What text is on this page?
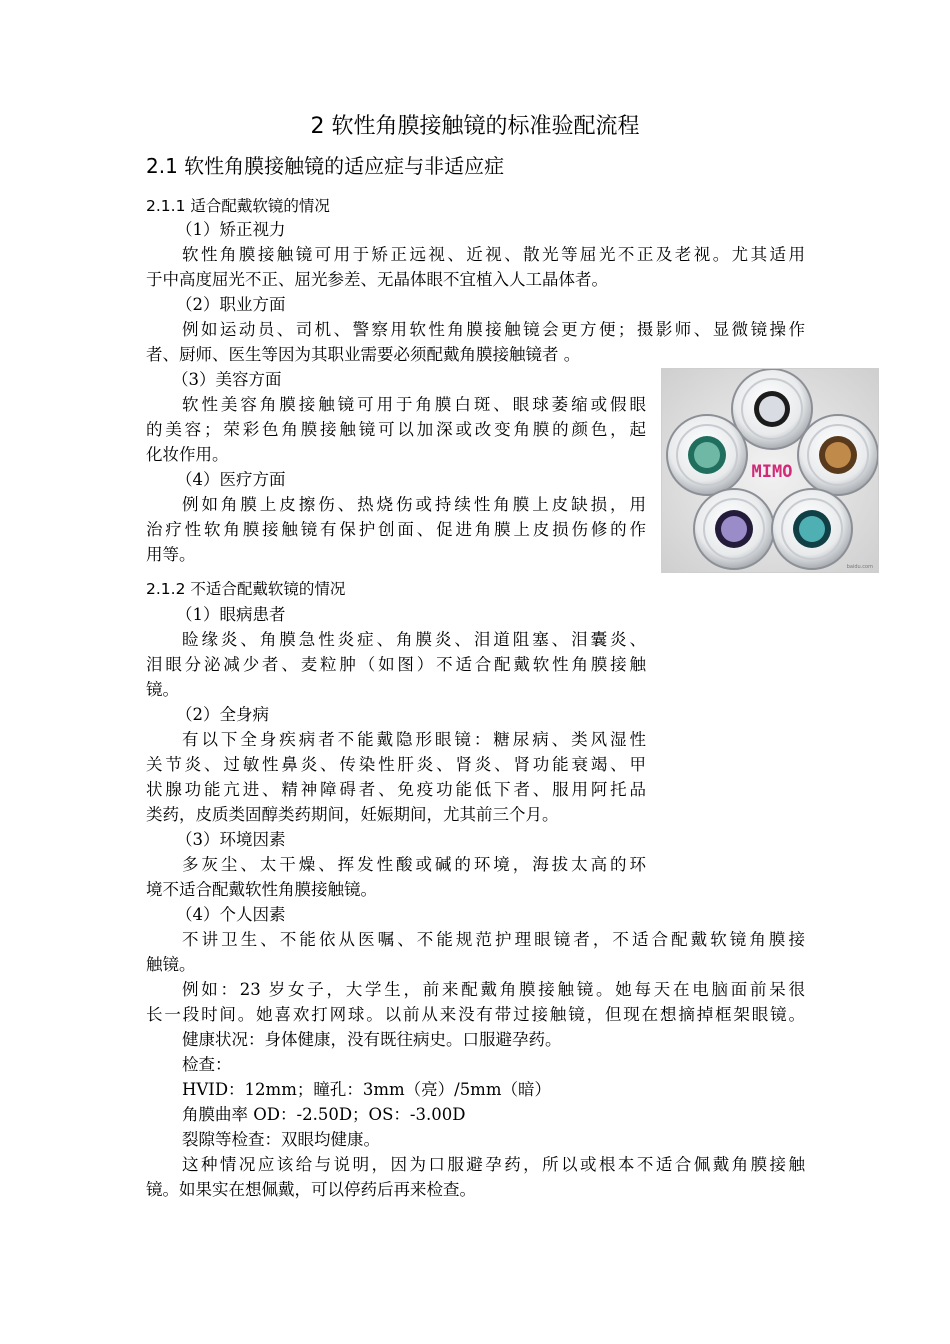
2 软性角膜接触镜的标准验配流程
2.1 软性角膜接触镜的适应症与非适应症
2.1.1 适合配戴软镜的情况
（1）矫正视力
软性角膜接触镜可用于矫正远视、近视、散光等屈光不正及老视。尤其适用
于中高度屈光不正、屈光参差、无晶体眼不宜植入人工晶体者。
（2）职业方面
例如运动员、司机、警察用软性角膜接触镜会更方便；摄影师、显微镜操作
者、厨师、医生等因为其职业需要必须配戴角膜接触镜者 。
（3）美容方面
软性美容角膜接触镜可用于角膜白斑、眼球萎缩或假眼
的美容；荣彩色角膜接触镜可以加深或改变角膜的颜色，起
化妆作用。
（4）医疗方面
例如角膜上皮擦伤、热烧伤或持续性角膜上皮缺损，用
治疗性软角膜接触镜有保护创面、促进角膜上皮损伤修的作
用等。
MIMO
baidu.com
2.1.2 不适合配戴软镜的情况
（1）眼病患者
睑缘炎、角膜急性炎症、角膜炎、泪道阻塞、泪囊炎、
泪眼分泌减少者、麦粒肿（如图）不适合配戴软性角膜接触
镜。
（2）全身病
有以下全身疾病者不能戴隐形眼镜：糖尿病、类风湿性
关节炎、过敏性鼻炎、传染性肝炎、肾炎、肾功能衰竭、甲
状腺功能亢进、精神障碍者、免疫功能低下者、服用阿托品
类药，皮质类固醇类药期间，妊娠期间，尤其前三个月。
（3）环境因素
多灰尘、太干燥、挥发性酸或碱的环境，海拔太高的环
境不适合配戴软性角膜接触镜。
（4）个人因素
不讲卫生、不能依从医嘱、不能规范护理眼镜者，不适合配戴软镜角膜接
触镜。
例如：23 岁女子，大学生，前来配戴角膜接触镜。她每天在电脑面前呆很
长一段时间。她喜欢打网球。以前从来没有带过接触镜，但现在想摘掉框架眼镜。
健康状况：身体健康，没有既往病史。口服避孕药。
检查：
HVID：12mm；瞳孔：3mm（亮）/5mm（暗）
角膜曲率 OD：-2.50D；OS：-3.00D
裂隙等检查：双眼均健康。
这种情况应该给与说明，因为口服避孕药，所以或根本不适合佩戴角膜接触
镜。如果实在想佩戴，可以停药后再来检查。
